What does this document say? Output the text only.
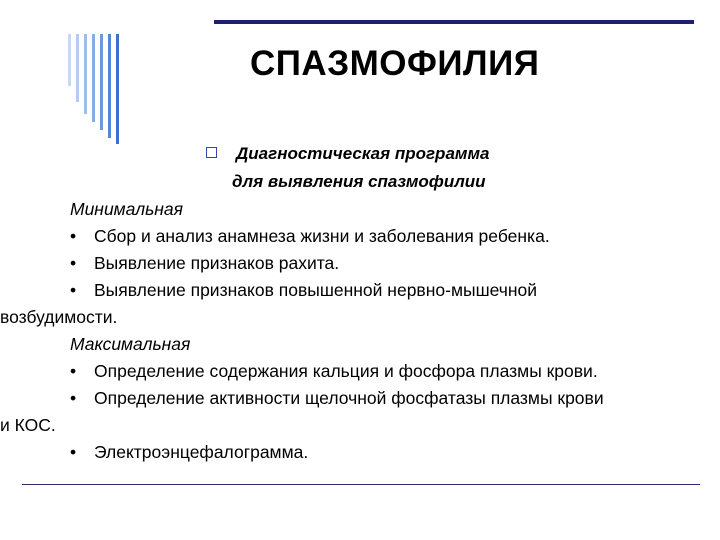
СПАЗМОФИЛИЯ
Диагностическая программа
для выявления спазмофилии
Минимальная
• Сбор и анализ анамнеза жизни и заболевания ребенка.
• Выявление признаков рахита.
• Выявление признаков повышенной нервно-мышечной
возбудимости.
Максимальная
• Определение содержания кальция и фосфора плазмы крови.
• Определение активности щелочной фосфатазы плазмы крови
и КОС.
• Электроэнцефалограмма.
